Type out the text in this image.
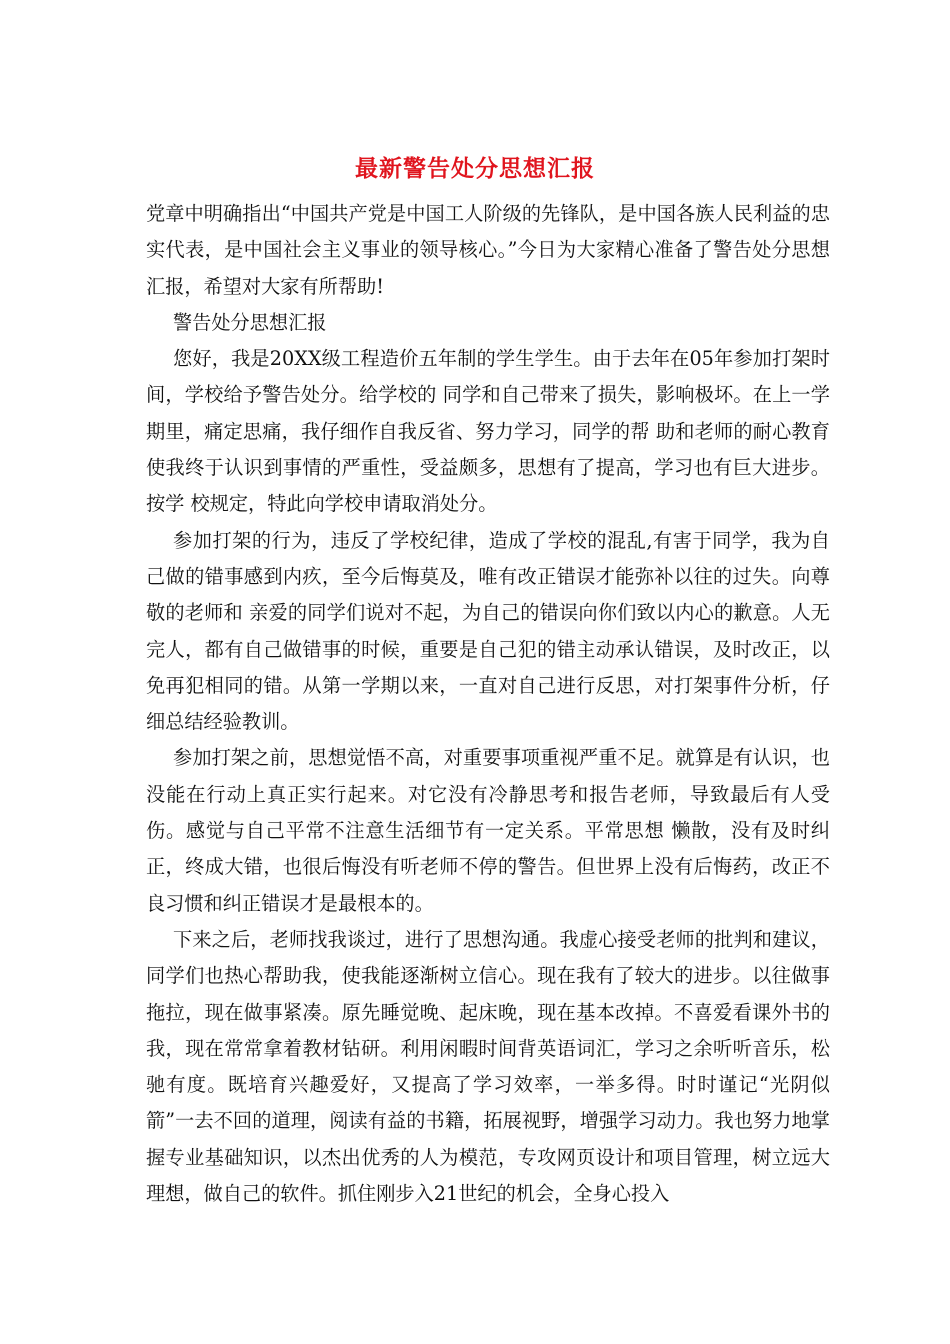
最新警告处分思想汇报

党章中明确指出“中国共产党是中国工人阶级的先锋队，是中国各族人民利益的忠实代表，是中国社会主义事业的领导核心。”今日为大家精心准备了警告处分思想汇报，希望对大家有所帮助!

警告处分思想汇报

您好，我是20XX级工程造价五年制的学生学生。由于去年在05年参加打架时间，学校给予警告处分。给学校的 同学和自己带来了损失，影响极坏。在上一学期里，痛定思痛，我仔细作自我反省、努力学习，同学的帮 助和老师的耐心教育使我终于认识到事情的严重性，受益颇多，思想有了提高，学习也有巨大进步。按学 校规定，特此向学校申请取消处分。

参加打架的行为，违反了学校纪律，造成了学校的混乱,有害于同学，我为自己做的错事感到内疚，至今后悔莫及，唯有改正错误才能弥补以往的过失。向尊敬的老师和 亲爱的同学们说对不起，为自己的错误向你们致以内心的歉意。人无完人，都有自己做错事的时候，重要是自己犯的错主动承认错误，及时改正，以免再犯相同的错。从第一学期以来，一直对自己进行反思，对打架事件分析，仔细总结经验教训。

参加打架之前，思想觉悟不高，对重要事项重视严重不足。就算是有认识，也没能在行动上真正实行起来。对它没有冷静思考和报告老师，导致最后有人受伤。感觉与自己平常不注意生活细节有一定关系。平常思想 懒散，没有及时纠正，终成大错，也很后悔没有听老师不停的警告。但世界上没有后悔药，改正不良习惯和纠正错误才是最根本的。

下来之后，老师找我谈过，进行了思想沟通。我虚心接受老师的批判和建议，同学们也热心帮助我，使我能逐渐树立信心。现在我有了较大的进步。以往做事拖拉，现在做事紧凑。原先睡觉晚、起床晚，现在基本改掉。不喜爱看课外书的我，现在常常拿着教材钻研。利用闲暇时间背英语词汇，学习之余听听音乐，松驰有度。既培育兴趣爱好，又提高了学习效率，一举多得。时时谨记“光阴似箭”一去不回的道理，阅读有益的书籍，拓展视野，增强学习动力。我也努力地掌握专业基础知识，以杰出优秀的人为模范，专攻网页设计和项目管理，树立远大理想，做自己的软件。抓住刚步入21世纪的机会，全身心投入
